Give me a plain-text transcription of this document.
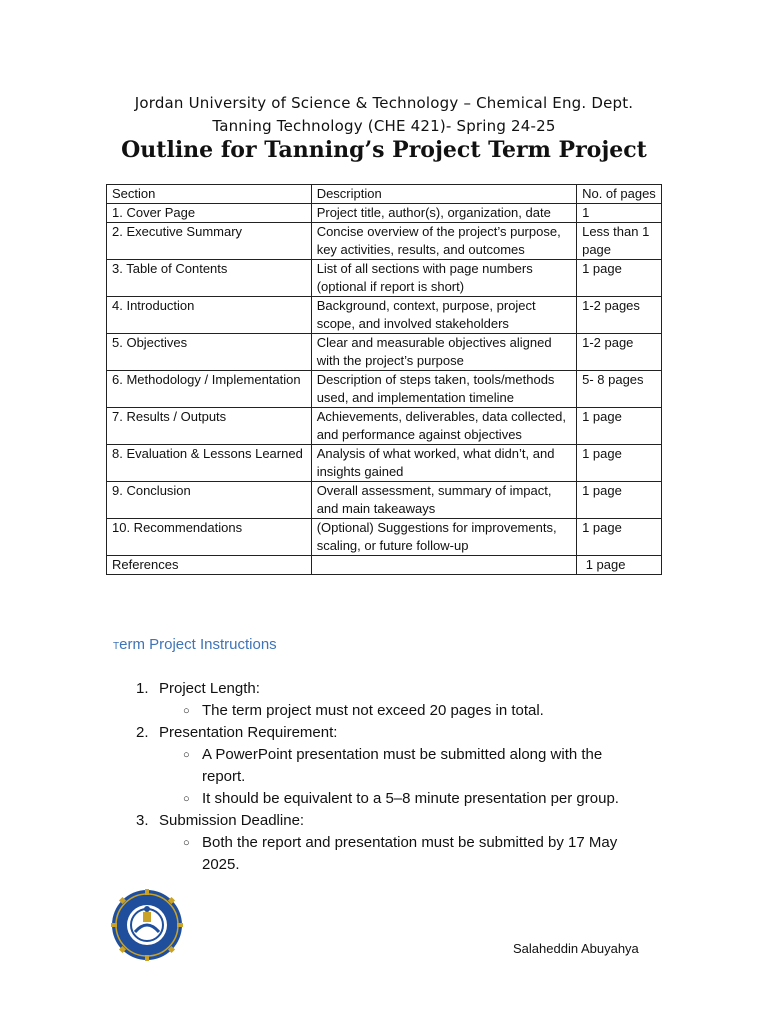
Jordan University of Science & Technology – Chemical Eng. Dept.
Tanning Technology (CHE 421)- Spring 24-25
Outline for Tanning’s Project Term Project
Section	Description	No. of pages
1. Cover Page	Project title, author(s), organization, date	1
2. Executive Summary	Concise overview of the project’s purpose, key activities, results, and outcomes	Less than 1 page
3. Table of Contents	List of all sections with page numbers (optional if report is short)	1 page
4. Introduction	Background, context, purpose, project scope, and involved stakeholders	1-2 pages
5. Objectives	Clear and measurable objectives aligned with the project’s purpose	1-2 page
6. Methodology / Implementation	Description of steps taken, tools/methods used, and implementation timeline	5- 8 pages
7. Results / Outputs	Achievements, deliverables, data collected, and performance against objectives	1 page
8. Evaluation & Lessons Learned	Analysis of what worked, what didn’t, and insights gained	1 page
9. Conclusion	Overall assessment, summary of impact, and main takeaways	1 page
10. Recommendations	(Optional) Suggestions for improvements, scaling, or future follow-up	1 page
References		1 page
Term Project Instructions
1. Project Length:
○ The term project must not exceed 20 pages in total.
2. Presentation Requirement:
○ A PowerPoint presentation must be submitted along with the report.
○ It should be equivalent to a 5–8 minute presentation per group.
3. Submission Deadline:
○ Both the report and presentation must be submitted by 17 May 2025.
Salaheddin Abuyahya
